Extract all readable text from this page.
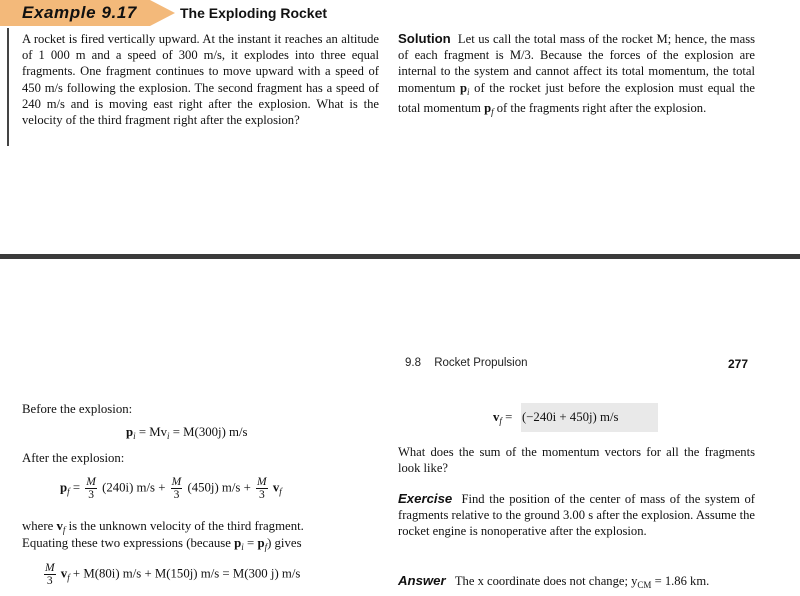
Example 9.17	The Exploding Rocket
A rocket is fired vertically upward. At the instant it reaches an altitude of 1 000 m and a speed of 300 m/s, it explodes into three equal fragments. One fragment continues to move upward with a speed of 450 m/s following the explosion. The second fragment has a speed of 240 m/s and is moving east right after the explosion. What is the velocity of the third fragment right after the explosion?
Solution Let us call the total mass of the rocket M; hence, the mass of each fragment is M/3. Because the forces of the explosion are internal to the system and cannot affect its total momentum, the total momentum $p_i$ of the rocket just before the explosion must equal the total momentum $p_f$ of the fragments right after the explosion.
9.8 Rocket Propulsion	277
Before the explosion:
$p_i = Mv_i = M(300j)$ m/s
After the explosion:
$p_f = \frac{M}{3} (240i) m/s + \frac{M}{3} (450j) m/s + \frac{M}{3} v_f$
where $v_f$ is the unknown velocity of the third fragment.
Equating these two expressions (because $p_i = p_f$) gives
$\frac{M}{3} v_f + M(80i) m/s + M(150j) m/s = M(300$ j) m/s
$v_f = (-240i + 450j)$ m/s
What does the sum of the momentum vectors for all the fragments look like?
Exercise Find the position of the center of mass of the system of fragments relative to the ground 3.00 s after the explosion. Assume the rocket engine is nonoperative after the explosion.
Answer The x coordinate does not change; $y_{CM} = 1.86$ km.
